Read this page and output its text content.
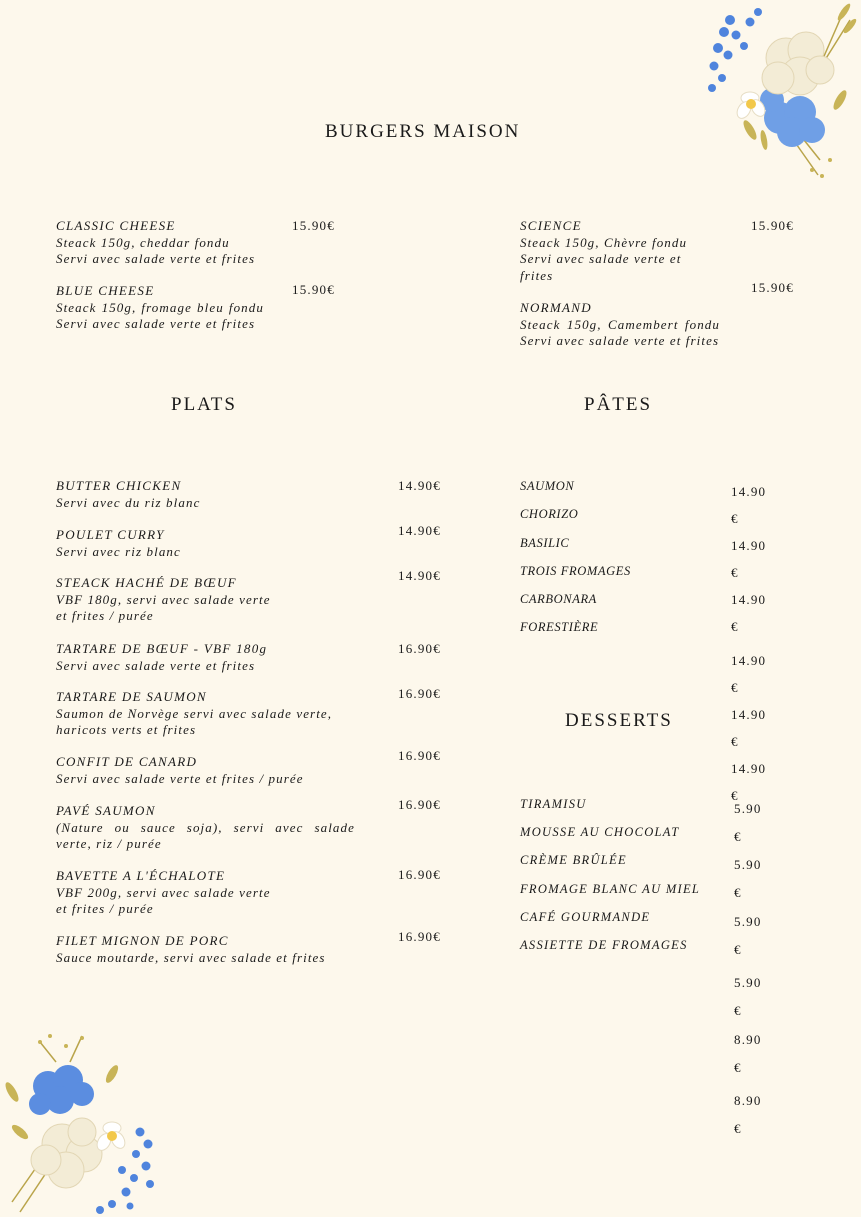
BURGERS MAISON
CLASSIC CHEESE
Steack 150g, cheddar fondu Servi avec salade verte et frites
15.90€
BLUE CHEESE
Steack 150g, fromage bleu fondu Servi avec salade verte et frites
15.90€
SCIENCE
Steack 150g, Chèvre fondu Servi avec salade verte et frites
15.90€
NORMAND
Steack 150g, Camembert fondu Servi avec salade verte et frites
15.90€
PLATS
BUTTER CHICKEN
Servi avec du riz blanc
14.90€
POULET CURRY
Servi avec riz blanc
14.90€
STEACK HACHÉ DE BŒUF
VBF 180g, servi avec salade verte et frites / purée
14.90€
TARTARE DE BŒUF - VBF 180g
Servi avec salade verte et frites
16.90€
TARTARE DE SAUMON
Saumon de Norvège servi avec salade verte, haricots verts et frites
16.90€
CONFIT DE CANARD
Servi avec salade verte et frites / purée
16.90€
PAVÉ SAUMON
(Nature ou sauce soja), servi avec salade verte, riz / purée
16.90€
BAVETTE A L'ÉCHALOTE
VBF 200g, servi avec salade verte et frites / purée
16.90€
FILET MIGNON DE PORC
Sauce moutarde, servi avec salade et frites
16.90€
PÂTES
SAUMON
CHORIZO
BASILIC
TROIS FROMAGES
CARBONARA
FORESTIÈRE
14.90
€
14.90
€
14.90
€
14.90
€
14.90
€
14.90
€
DESSERTS
TIRAMISU
MOUSSE AU CHOCOLAT
CRÈME BRÛLÉE
FROMAGE BLANC AU MIEL
CAFÉ GOURMANDE
ASSIETTE DE FROMAGES
5.90
€
5.90
€
5.90
€
5.90
€
8.90
€
8.90
€
